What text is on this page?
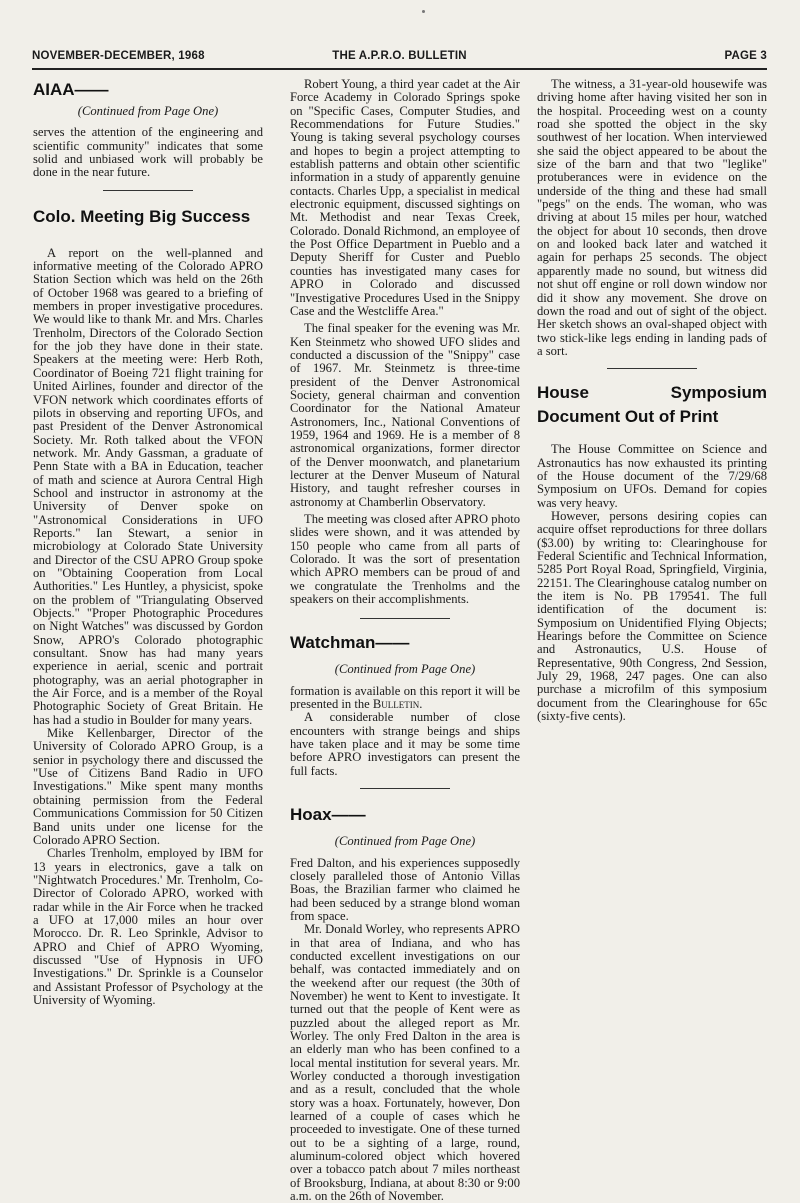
NOVEMBER-DECEMBER, 1968	THE A.P.R.O. BULLETIN	PAGE 3
AIAA——
(Continued from Page One)

serves the attention of the engineering and scientific community" indicates that some solid and unbiased work will probably be done in the near future.

Colo. Meeting Big Success

A report on the well-planned and informative meeting of the Colorado APRO Station Section which was held on the 26th of October 1968 was geared to a briefing of members in proper investigative procedures. We would like to thank Mr. and Mrs. Charles Trenholm, Directors of the Colorado Section for the job they have done in their state. Speakers at the meeting were: Herb Roth, Coordinator of Boeing 721 flight training for United Airlines, founder and director of the VFON network which coordinates efforts of pilots in observing and reporting UFOs, and past President of the Denver Astronomical Society. Mr. Roth talked about the VFON network. Mr. Andy Gassman, a graduate of Penn State with a BA in Education, teacher of math and science at Aurora Central High School and instructor in astronomy at the University of Denver spoke on "Astronomical Considerations in UFO Reports." Ian Stewart, a senior in microbiology at Colorado State University and Director of the CSU APRO Group spoke on "Obtaining Cooperation from Local Authorities." Les Huntley, a physicist, spoke on the problem of "Triangulating Observed Objects." "Proper Photographic Procedures on Night Watches" was discussed by Gordon Snow, APRO's Colorado photographic consultant. Snow has had many years experience in aerial, scenic and portrait photography, was an aerial photographer in the Air Force, and is a member of the Royal Photographic Society of Great Britain. He has had a studio in Boulder for many years.

Mike Kellenbarger, Director of the University of Colorado APRO Group, is a senior in psychology there and discussed the "Use of Citizens Band Radio in UFO Investigations." Mike spent many months obtaining permission from the Federal Communications Commission for 50 Citizen Band units under one license for the Colorado APRO Section.

Charles Trenholm, employed by IBM for 13 years in electronics, gave a talk on "Nightwatch Procedures.' Mr. Trenholm, Co-Director of Colorado APRO, worked with radar while in the Air Force when he tracked a UFO at 17,000 miles an hour over Morocco. Dr. R. Leo Sprinkle, Advisor to APRO and Chief of APRO Wyoming, discussed "Use of Hypnosis in UFO Investigations." Dr. Sprinkle is a Counselor and Assistant Professor of Psychology at the University of Wyoming.

Robert Young, a third year cadet at the Air Force Academy in Colorado Springs spoke on "Specific Cases, Computer Studies, and Recommendations for Future Studies." Young is taking several psychology courses and hopes to begin a project attempting to establish patterns and obtain other scientific information in a study of apparently genuine contacts. Charles Upp, a specialist in medical electronic equipment, discussed sightings on Mt. Methodist and near Texas Creek, Colorado. Donald Richmond, an employee of the Post Office Department in Pueblo and a Deputy Sheriff for Custer and Pueblo counties has investigated many cases for APRO in Colorado and discussed "Investigative Procedures Used in the Snippy Case and the Westcliffe Area."

The final speaker for the evening was Mr. Ken Steinmetz who showed UFO slides and conducted a discussion of the "Snippy" case of 1967. Mr. Steinmetz is three-time president of the Denver Astronomical Society, general chairman and convention Coordinator for the National Amateur Astronomers, Inc., National Conventions of 1959, 1964 and 1969. He is a member of 8 astronomical organizations, former director of the Denver moonwatch, and planetarium lecturer at the Denver Museum of Natural History, and taught refresher courses in astronomy at Chamberlin Observatory.

The meeting was closed after APRO photo slides were shown, and it was attended by 150 people who came from all parts of Colorado. It was the sort of presentation which APRO members can be proud of and we congratulate the Trenholms and the speakers on their accomplishments.

Watchman——
(Continued from Page One)

formation is available on this report it will be presented in the Bulletin.

A considerable number of close encounters with strange beings and ships have taken place and it may be some time before APRO investigators can present the full facts.

Hoax——
(Continued from Page One)

Fred Dalton, and his experiences supposedly closely paralleled those of Antonio Villas Boas, the Brazilian farmer who claimed he had been seduced by a strange blond woman from space.

Mr. Donald Worley, who represents APRO in that area of Indiana, and who has conducted excellent investigations on our behalf, was contacted immediately and on the weekend after our request (the 30th of November) he went to Kent to investigate. It turned out that the people of Kent were as puzzled about the alleged report as Mr. Worley. The only Fred Dalton in the area is an elderly man who has been confined to a local mental institution for several years. Mr. Worley conducted a thorough investigation and as a result, concluded that the whole story was a hoax. Fortunately, however, Don learned of a couple of cases which he proceeded to investigate. One of these turned out to be a sighting of a large, round, aluminum-colored object which hovered over a tobacco patch about 7 miles northeast of Brooksburg, Indiana, at about 8:30 or 9:00 a.m. on the 26th of November.

The witness, a 31-year-old housewife was driving home after having visited her son in the hospital. Proceeding west on a county road she spotted the object in the sky southwest of her location. When interviewed she said the object appeared to be about the size of the barn and that two "leglike" protuberances were in evidence on the underside of the thing and these had small "pegs" on the ends. The woman, who was driving at about 15 miles per hour, watched the object for about 10 seconds, then drove on and looked back later and watched it again for perhaps 25 seconds. The object apparently made no sound, but witness did not shut off engine or roll down window nor did it show any movement. She drove on down the road and out of sight of the object. Her sketch shows an oval-shaped object with two stick-like legs ending in landing pads of a sort.

House Symposium Document Out of Print

The House Committee on Science and Astronautics has now exhausted its printing of the House document of the 7/29/68 Symposium on UFOs. Demand for copies was very heavy.

However, persons desiring copies can acquire offset reproductions for three dollars ($3.00) by writing to: Clearinghouse for Federal Scientific and Technical Information, 5285 Port Royal Road, Springfield, Virginia, 22151. The Clearinghouse catalog number on the item is No. PB 179541. The full identification of the document is: Symposium on Unidentified Flying Objects; Hearings before the Committee on Science and Astronautics, U.S. House of Representative, 90th Congress, 2nd Session, July 29, 1968, 247 pages. One can also purchase a microfilm of this symposium document from the Clearinghouse for 65c (sixty-five cents).
